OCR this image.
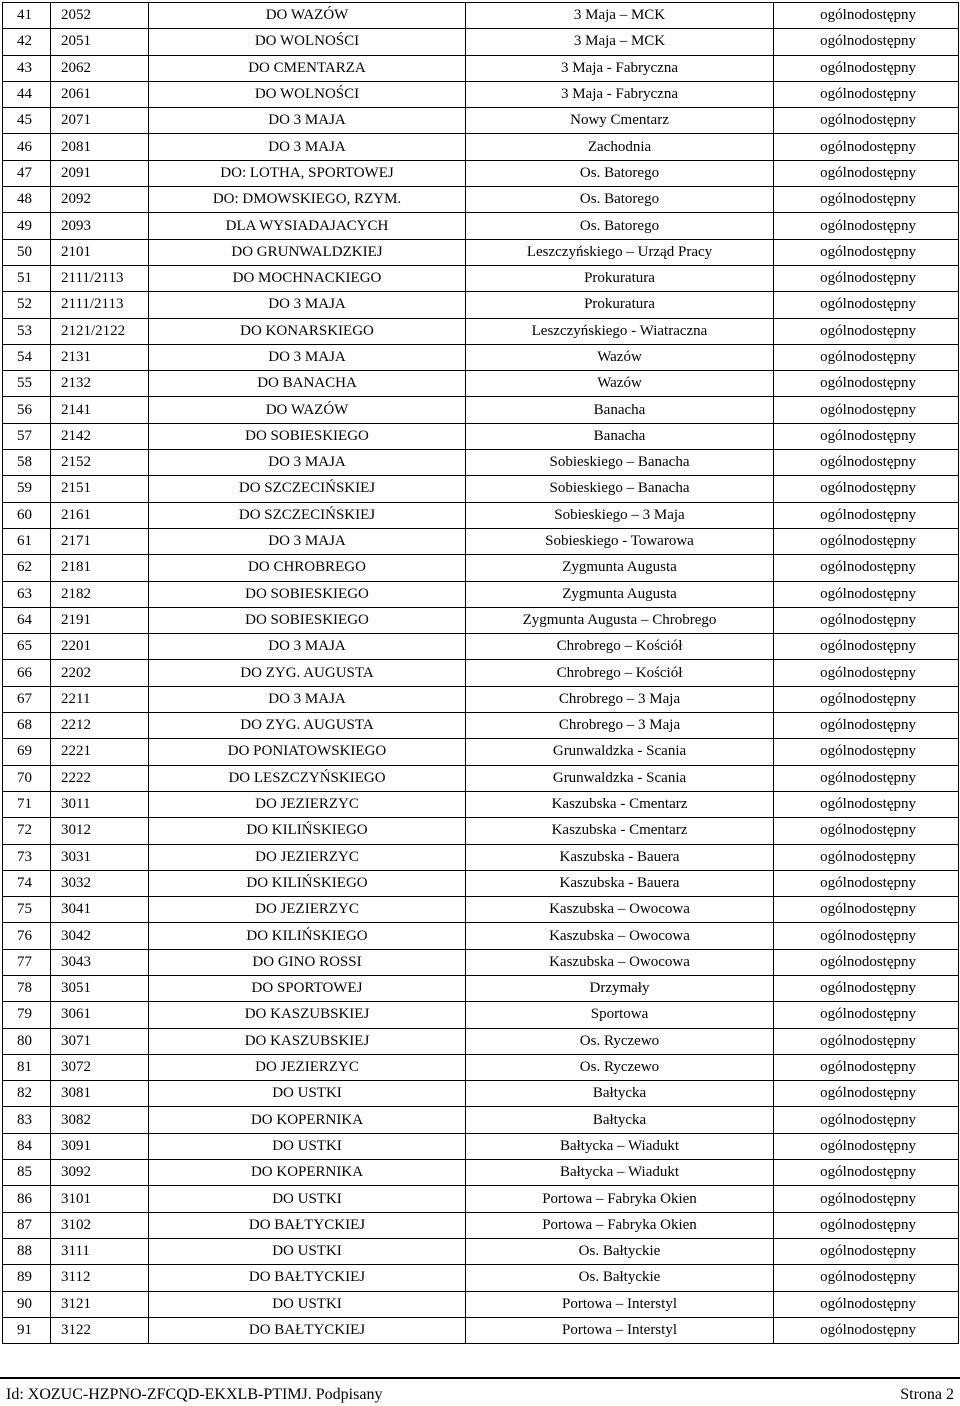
41	2052	DO WAZÓW	3 Maja – MCK	ogólnodostępny
42	2051	DO WOLNOŚCI	3 Maja – MCK	ogólnodostępny
43	2062	DO CMENTARZA	3 Maja - Fabryczna	ogólnodostępny
44	2061	DO WOLNOŚCI	3 Maja - Fabryczna	ogólnodostępny
45	2071	DO 3 MAJA	Nowy Cmentarz	ogólnodostępny
46	2081	DO 3 MAJA	Zachodnia	ogólnodostępny
47	2091	DO: LOTHA, SPORTOWEJ	Os. Batorego	ogólnodostępny
48	2092	DO: DMOWSKIEGO, RZYM.	Os. Batorego	ogólnodostępny
49	2093	DLA WYSIADAJACYCH	Os. Batorego	ogólnodostępny
50	2101	DO GRUNWALDZKIEJ	Leszczyńskiego – Urząd Pracy	ogólnodostępny
51	2111/2113	DO MOCHNACKIEGO	Prokuratura	ogólnodostępny
52	2111/2113	DO 3 MAJA	Prokuratura	ogólnodostępny
53	2121/2122	DO KONARSKIEGO	Leszczyńskiego - Wiatraczna	ogólnodostępny
54	2131	DO 3 MAJA	Wazów	ogólnodostępny
55	2132	DO BANACHA	Wazów	ogólnodostępny
56	2141	DO WAZÓW	Banacha	ogólnodostępny
57	2142	DO SOBIESKIEGO	Banacha	ogólnodostępny
58	2152	DO 3 MAJA	Sobieskiego – Banacha	ogólnodostępny
59	2151	DO SZCZECIŃSKIEJ	Sobieskiego – Banacha	ogólnodostępny
60	2161	DO SZCZECIŃSKIEJ	Sobieskiego – 3 Maja	ogólnodostępny
61	2171	DO 3 MAJA	Sobieskiego - Towarowa	ogólnodostępny
62	2181	DO CHROBREGO	Zygmunta Augusta	ogólnodostępny
63	2182	DO SOBIESKIEGO	Zygmunta Augusta	ogólnodostępny
64	2191	DO SOBIESKIEGO	Zygmunta Augusta – Chrobrego	ogólnodostępny
65	2201	DO 3 MAJA	Chrobrego – Kościół	ogólnodostępny
66	2202	DO ZYG. AUGUSTA	Chrobrego – Kościół	ogólnodostępny
67	2211	DO 3 MAJA	Chrobrego – 3 Maja	ogólnodostępny
68	2212	DO ZYG. AUGUSTA	Chrobrego – 3 Maja	ogólnodostępny
69	2221	DO PONIATOWSKIEGO	Grunwaldzka - Scania	ogólnodostępny
70	2222	DO LESZCZYŃSKIEGO	Grunwaldzka - Scania	ogólnodostępny
71	3011	DO JEZIERZYC	Kaszubska - Cmentarz	ogólnodostępny
72	3012	DO KILIŃSKIEGO	Kaszubska - Cmentarz	ogólnodostępny
73	3031	DO JEZIERZYC	Kaszubska - Bauera	ogólnodostępny
74	3032	DO KILIŃSKIEGO	Kaszubska - Bauera	ogólnodostępny
75	3041	DO JEZIERZYC	Kaszubska – Owocowa	ogólnodostępny
76	3042	DO KILIŃSKIEGO	Kaszubska – Owocowa	ogólnodostępny
77	3043	DO GINO ROSSI	Kaszubska – Owocowa	ogólnodostępny
78	3051	DO SPORTOWEJ	Drzymały	ogólnodostępny
79	3061	DO KASZUBSKIEJ	Sportowa	ogólnodostępny
80	3071	DO KASZUBSKIEJ	Os. Ryczewo	ogólnodostępny
81	3072	DO JEZIERZYC	Os. Ryczewo	ogólnodostępny
82	3081	DO USTKI	Bałtycka	ogólnodostępny
83	3082	DO KOPERNIKA	Bałtycka	ogólnodostępny
84	3091	DO USTKI	Bałtycka – Wiadukt	ogólnodostępny
85	3092	DO KOPERNIKA	Bałtycka – Wiadukt	ogólnodostępny
86	3101	DO USTKI	Portowa – Fabryka Okien	ogólnodostępny
87	3102	DO BAŁTYCKIEJ	Portowa – Fabryka Okien	ogólnodostępny
88	3111	DO USTKI	Os. Bałtyckie	ogólnodostępny
89	3112	DO BAŁTYCKIEJ	Os. Bałtyckie	ogólnodostępny
90	3121	DO USTKI	Portowa – Interstyl	ogólnodostępny
91	3122	DO BAŁTYCKIEJ	Portowa – Interstyl	ogólnodostępny
Id: XOZUC-HZPNO-ZFCQD-EKXLB-PTIMJ. Podpisany	Strona 2
